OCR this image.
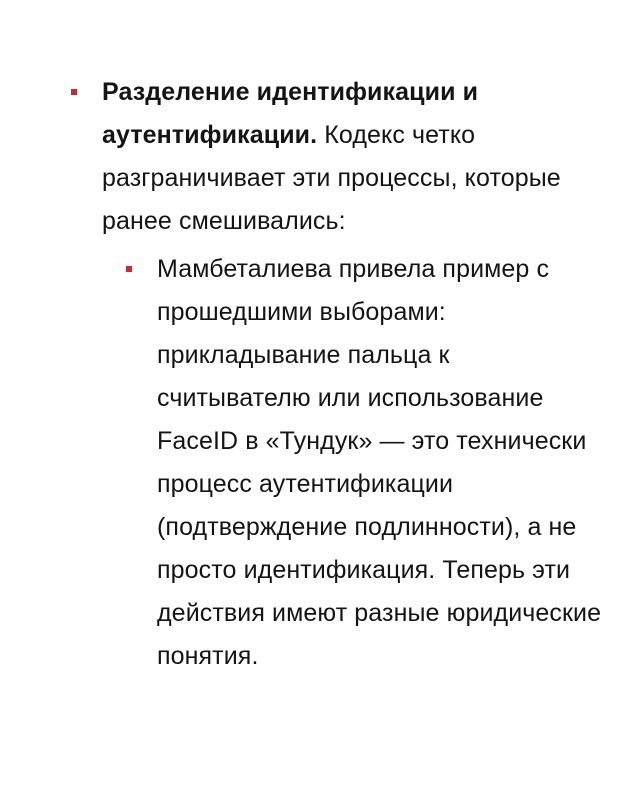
Разделение идентификации и аутентификации. Кодекс четко разграничивает эти процессы, которые ранее смешивались:

Мамбеталиева привела пример с прошедшими выборами: прикладывание пальца к считывателю или использование FaceID в «Тундук» — это технически процесс аутентификации (подтверждение подлинности), а не просто идентификация. Теперь эти действия имеют разные юридические понятия.
